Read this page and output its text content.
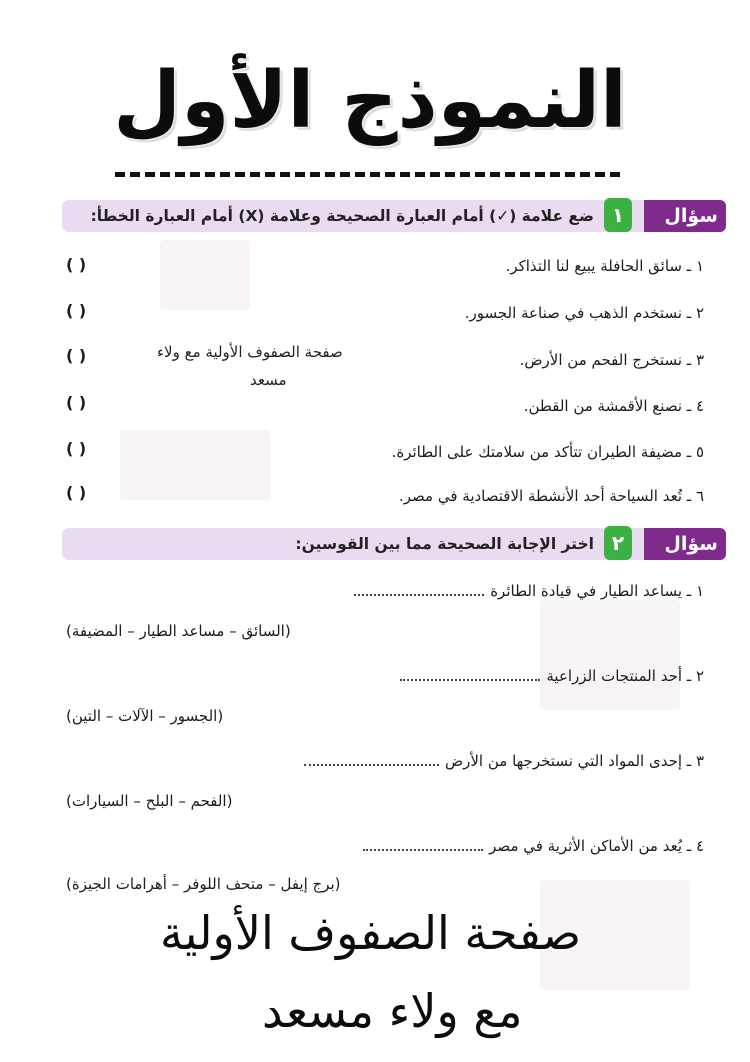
النموذج الأول
سؤال
١
ضع علامة (✓) أمام العبارة الصحيحة وعلامة (X) أمام العبارة الخطأ:
١ ـ سائق الحافلة يبيع لنا التذاكر.
( )
٢ ـ نستخدم الذهب في صناعة الجسور.
( )
٣ ـ نستخرج الفحم من الأرض.
( )
٤ ـ نصنع الأقمشة من القطن.
( )
٥ ـ مضيفة الطيران تتأكد من سلامتك على الطائرة.
( )
٦ ـ تُعد السياحة أحد الأنشطة الاقتصادية في مصر.
( )
صفحة الصفوف الأولية مع ولاء
مسعد
سؤال
٢
اختر الإجابة الصحيحة مما بين القوسين:
١ ـ يساعد الطيار في قيادة الطائرة
(السائق – مساعد الطيار – المضيفة)
٢ ـ أحد المنتجات الزراعية
(الجسور – الآلات – التين)
٣ ـ إحدى المواد التي نستخرجها من الأرض
(الفحم – البلح – السيارات)
٤ ـ يُعد من الأماكن الأثرية في مصر
(برج إيفل – متحف اللوفر – أهرامات الجيزة)
صفحة الصفوف الأولية
مع ولاء مسعد
